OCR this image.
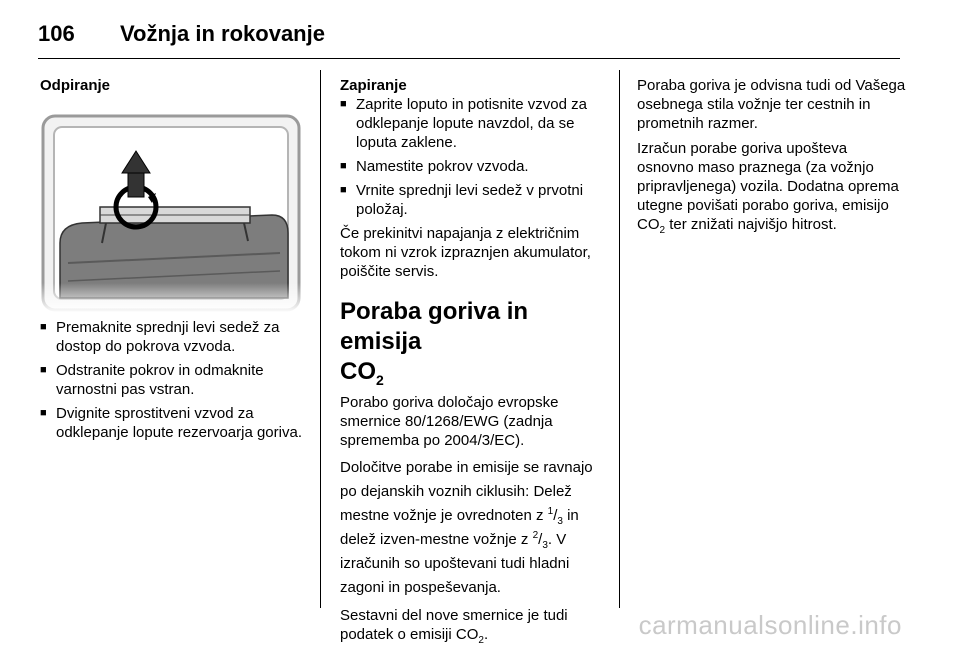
106	Vožnja in rokovanje
Odpiranje
■ Premaknite sprednji levi sedež za dostop do pokrova vzvoda.
■ Odstranite pokrov in odmaknite varnostni pas vstran.
■ Dvignite sprostitveni vzvod za odklepanje lopute rezervoarja goriva.
Zapiranje
■ Zaprite loputo in potisnite vzvod za odklepanje lopute navzdol, da se loputa zaklene.
■ Namestite pokrov vzvoda.
■ Vrnite sprednji levi sedež v prvotni položaj.

Če prekinitvi napajanja z električnim tokom ni vzrok izpraznjen akumulator, poiščite servis.

Poraba goriva in emisija
$CO_2$

Porabo goriva določajo evropske smernice 80/1268/EWG (zadnja sprememba po 2004/3/EC).

Določitve porabe in emisije se ravnajo po dejanskih voznih ciklusih: Delež mestne vožnje je ovrednoten z $^1/_3$ in delež izven-mestne vožnje z $^2/_3$. V izračunih so upoštevani tudi hladni zagoni in pospeševanja.

Sestavni del nove smernice je tudi podatek o emisiji $CO_2$.

Poraba goriva je odvisna tudi od Vašega osebnega stila vožnje ter cestnih in prometnih razmer.

Izračun porabe goriva upošteva osnovno maso praznega (za vožnjo pripravljenega) vozila. Dodatna oprema utegne povišati porabo goriva, emisijo $CO_2$ ter znižati najvišjo hitrost.

carmanualsonline.info
